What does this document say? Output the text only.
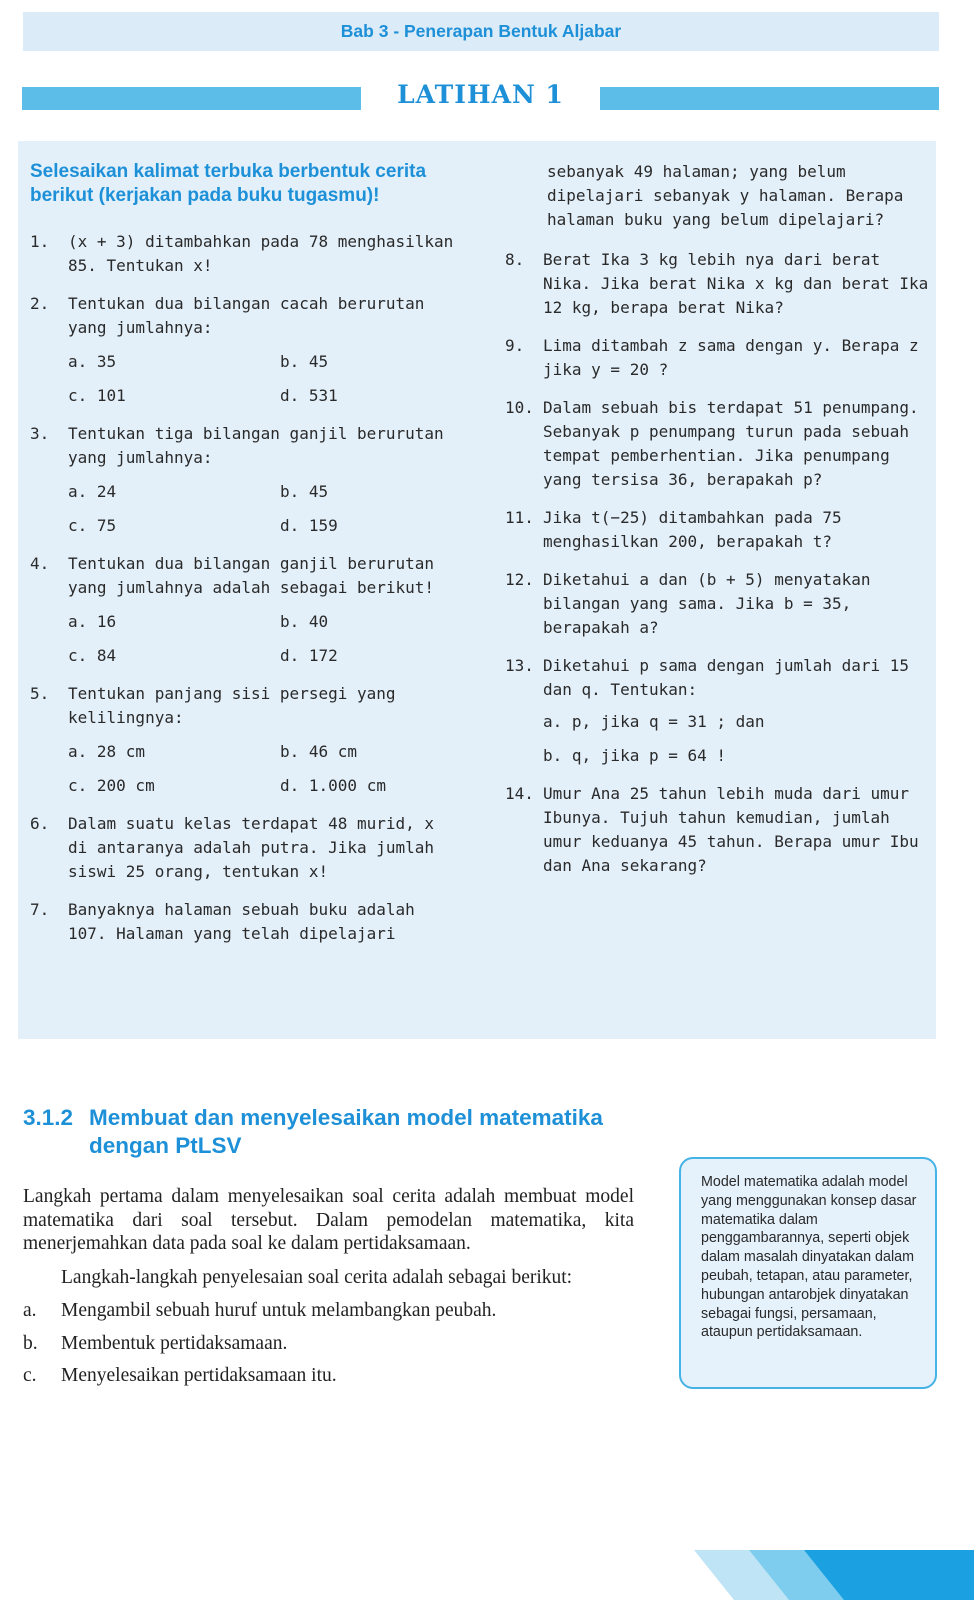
Bab 3 - Penerapan Bentuk Aljabar
LATIHAN 1
Selesaikan kalimat terbuka berbentuk cerita berikut (kerjakan pada buku tugasmu)!
1. (x + 3) ditambahkan pada 78 menghasilkan 85. Tentukan x!
2. Tentukan dua bilangan cacah berurutan yang jumlahnya:
a. 35	b. 45
c. 101	d. 531
3. Tentukan tiga bilangan ganjil berurutan yang jumlahnya:
a. 24	b. 45
c. 75	d. 159
4. Tentukan dua bilangan ganjil berurutan yang jumlahnya adalah sebagai berikut!
a. 16	b. 40
c. 84	d. 172
5. Tentukan panjang sisi persegi yang kelilingnya:
a. 28 cm	b. 46 cm
c. 200 cm	d. 1.000 cm
6. Dalam suatu kelas terdapat 48 murid, x di antaranya adalah putra. Jika jumlah siswi 25 orang, tentukan x!
7. Banyaknya halaman sebuah buku adalah 107. Halaman yang telah dipelajari
sebanyak 49 halaman; yang belum dipelajari sebanyak y halaman. Berapa halaman buku yang belum dipelajari?
8. Berat Ika 3 kg lebih nya dari berat Nika. Jika berat Nika x kg dan berat Ika 12 kg, berapa berat Nika?
9. Lima ditambah z sama dengan y. Berapa z jika y = 20 ?
10. Dalam sebuah bis terdapat 51 penumpang. Sebanyak p penumpang turun pada sebuah tempat pemberhentian. Jika penumpang yang tersisa 36, berapakah p?
11. Jika t(−25) ditambahkan pada 75 menghasilkan 200, berapakah t?
12. Diketahui a dan (b + 5) menyatakan bilangan yang sama. Jika b = 35, berapakah a?
13. Diketahui p sama dengan jumlah dari 15 dan q. Tentukan:
a. p, jika q = 31 ; dan
b. q, jika p = 64 !
14. Umur Ana 25 tahun lebih muda dari umur Ibunya. Tujuh tahun kemudian, jumlah umur keduanya 45 tahun. Berapa umur Ibu dan Ana sekarang?
3.1.2 Membuat dan menyelesaikan model matematika dengan PtLSV

Langkah pertama dalam menyelesaikan soal cerita adalah membuat model matematika dari soal tersebut. Dalam pemodelan matematika, kita menerjemahkan data pada soal ke dalam pertidaksamaan.

Langkah-langkah penyelesaian soal cerita adalah sebagai berikut:

a. Mengambil sebuah huruf untuk melambangkan peubah.
b. Membentuk pertidaksamaan.
c. Menyelesaikan pertidaksamaan itu.
Model matematika adalah model yang menggunakan konsep dasar matematika dalam penggambarannya, seperti objek dalam masalah dinyatakan dalam peubah, tetapan, atau parameter, hubungan antarobjek dinyatakan sebagai fungsi, persamaan, ataupun pertidaksamaan.
101
